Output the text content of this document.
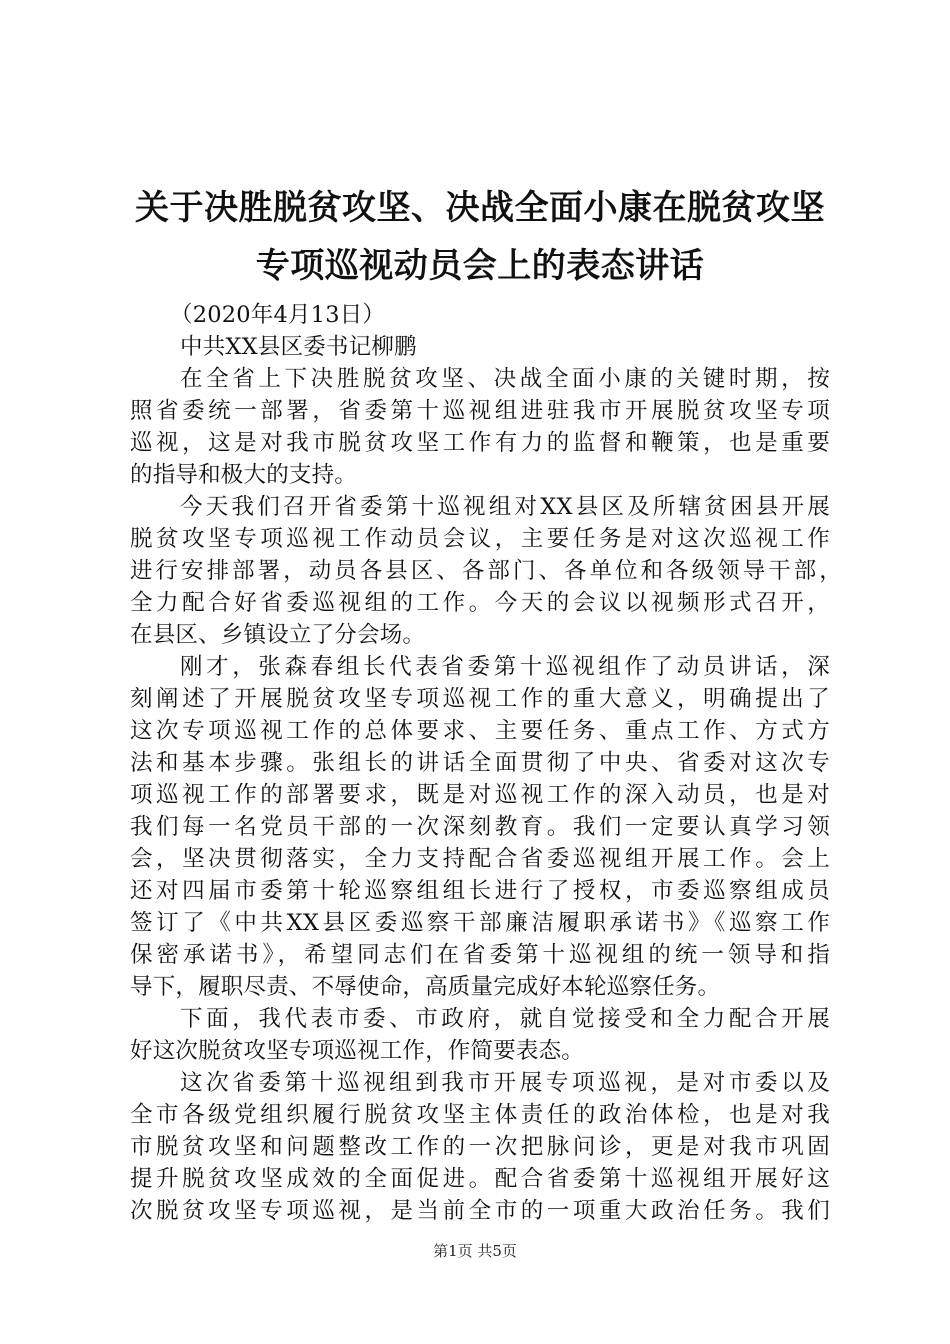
关于决胜脱贫攻坚、决战全面小康在脱贫攻坚
专项巡视动员会上的表态讲话
（2020年4月13日）
中共XX县区委书记柳鹏
在全省上下决胜脱贫攻坚、决战全面小康的关键时期，按
照省委统一部署，省委第十巡视组进驻我市开展脱贫攻坚专项
巡视，这是对我市脱贫攻坚工作有力的监督和鞭策，也是重要
的指导和极大的支持。
今天我们召开省委第十巡视组对XX县区及所辖贫困县开展
脱贫攻坚专项巡视工作动员会议，主要任务是对这次巡视工作
进行安排部署，动员各县区、各部门、各单位和各级领导干部，
全力配合好省委巡视组的工作。今天的会议以视频形式召开，
在县区、乡镇设立了分会场。
刚才，张森春组长代表省委第十巡视组作了动员讲话，深
刻阐述了开展脱贫攻坚专项巡视工作的重大意义，明确提出了
这次专项巡视工作的总体要求、主要任务、重点工作、方式方
法和基本步骤。张组长的讲话全面贯彻了中央、省委对这次专
项巡视工作的部署要求，既是对巡视工作的深入动员，也是对
我们每一名党员干部的一次深刻教育。我们一定要认真学习领
会，坚决贯彻落实，全力支持配合省委巡视组开展工作。会上
还对四届市委第十轮巡察组组长进行了授权，市委巡察组成员
签订了《中共XX县区委巡察干部廉洁履职承诺书》《巡察工作
保密承诺书》，希望同志们在省委第十巡视组的统一领导和指
导下，履职尽责、不辱使命，高质量完成好本轮巡察任务。
下面，我代表市委、市政府，就自觉接受和全力配合开展
好这次脱贫攻坚专项巡视工作，作简要表态。
这次省委第十巡视组到我市开展专项巡视，是对市委以及
全市各级党组织履行脱贫攻坚主体责任的政治体检，也是对我
市脱贫攻坚和问题整改工作的一次把脉问诊，更是对我市巩固
提升脱贫攻坚成效的全面促进。配合省委第十巡视组开展好这
次脱贫攻坚专项巡视，是当前全市的一项重大政治任务。我们
第1页 共5页
